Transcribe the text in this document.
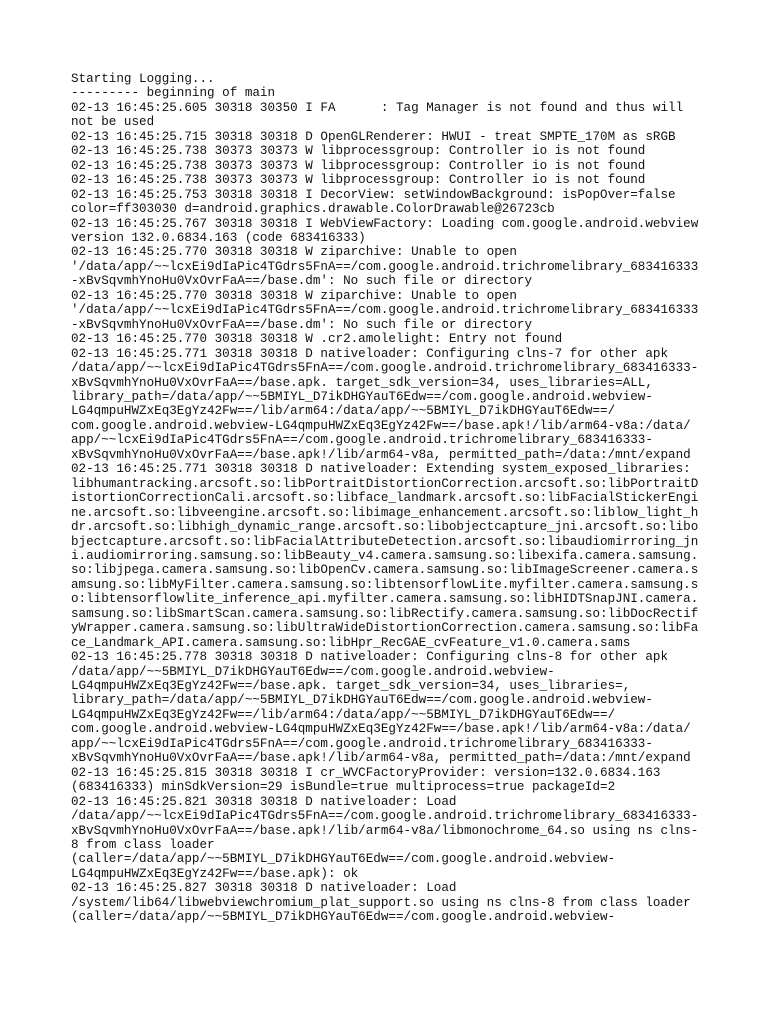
Starting Logging...
--------- beginning of main
02-13 16:45:25.605 30318 30350 I FA      : Tag Manager is not found and thus will
not be used
02-13 16:45:25.715 30318 30318 D OpenGLRenderer: HWUI - treat SMPTE_170M as sRGB
02-13 16:45:25.738 30373 30373 W libprocessgroup: Controller io is not found
02-13 16:45:25.738 30373 30373 W libprocessgroup: Controller io is not found
02-13 16:45:25.738 30373 30373 W libprocessgroup: Controller io is not found
02-13 16:45:25.753 30318 30318 I DecorView: setWindowBackground: isPopOver=false
color=ff303030 d=android.graphics.drawable.ColorDrawable@26723cb
02-13 16:45:25.767 30318 30318 I WebViewFactory: Loading com.google.android.webview
version 132.0.6834.163 (code 683416333)
02-13 16:45:25.770 30318 30318 W ziparchive: Unable to open
'/data/app/~~lcxEi9dIaPic4TGdrs5FnA==/com.google.android.trichromelibrary_683416333
-xBvSqvmhYnoHu0VxOvrFaA==/base.dm': No such file or directory
02-13 16:45:25.770 30318 30318 W ziparchive: Unable to open
'/data/app/~~lcxEi9dIaPic4TGdrs5FnA==/com.google.android.trichromelibrary_683416333
-xBvSqvmhYnoHu0VxOvrFaA==/base.dm': No such file or directory
02-13 16:45:25.770 30318 30318 W .cr2.amolelight: Entry not found
02-13 16:45:25.771 30318 30318 D nativeloader: Configuring clns-7 for other apk
/data/app/~~lcxEi9dIaPic4TGdrs5FnA==/com.google.android.trichromelibrary_683416333-
xBvSqvmhYnoHu0VxOvrFaA==/base.apk. target_sdk_version=34, uses_libraries=ALL,
library_path=/data/app/~~5BMIYL_D7ikDHGYauT6Edw==/com.google.android.webview-
LG4qmpuHWZxEq3EgYz42Fw==/lib/arm64:/data/app/~~5BMIYL_D7ikDHGYauT6Edw==/
com.google.android.webview-LG4qmpuHWZxEq3EgYz42Fw==/base.apk!/lib/arm64-v8a:/data/
app/~~lcxEi9dIaPic4TGdrs5FnA==/com.google.android.trichromelibrary_683416333-
xBvSqvmhYnoHu0VxOvrFaA==/base.apk!/lib/arm64-v8a, permitted_path=/data:/mnt/expand
02-13 16:45:25.771 30318 30318 D nativeloader: Extending system_exposed_libraries:
libhumantracking.arcsoft.so:libPortraitDistortionCorrection.arcsoft.so:libPortraitD
istortionCorrectionCali.arcsoft.so:libface_landmark.arcsoft.so:libFacialStickerEngi
ne.arcsoft.so:libveengine.arcsoft.so:libimage_enhancement.arcsoft.so:liblow_light_h
dr.arcsoft.so:libhigh_dynamic_range.arcsoft.so:libobjectcapture_jni.arcsoft.so:libo
bjectcapture.arcsoft.so:libFacialAttributeDetection.arcsoft.so:libaudiomirroring_jn
i.audiomirroring.samsung.so:libBeauty_v4.camera.samsung.so:libexifa.camera.samsung.
so:libjpega.camera.samsung.so:libOpenCv.camera.samsung.so:libImageScreener.camera.s
amsung.so:libMyFilter.camera.samsung.so:libtensorflowLite.myfilter.camera.samsung.s
o:libtensorflowlite_inference_api.myfilter.camera.samsung.so:libHIDTSnapJNI.camera.
samsung.so:libSmartScan.camera.samsung.so:libRectify.camera.samsung.so:libDocRectif
yWrapper.camera.samsung.so:libUltraWideDistortionCorrection.camera.samsung.so:libFa
ce_Landmark_API.camera.samsung.so:libHpr_RecGAE_cvFeature_v1.0.camera.sams
02-13 16:45:25.778 30318 30318 D nativeloader: Configuring clns-8 for other apk
/data/app/~~5BMIYL_D7ikDHGYauT6Edw==/com.google.android.webview-
LG4qmpuHWZxEq3EgYz42Fw==/base.apk. target_sdk_version=34, uses_libraries=,
library_path=/data/app/~~5BMIYL_D7ikDHGYauT6Edw==/com.google.android.webview-
LG4qmpuHWZxEq3EgYz42Fw==/lib/arm64:/data/app/~~5BMIYL_D7ikDHGYauT6Edw==/
com.google.android.webview-LG4qmpuHWZxEq3EgYz42Fw==/base.apk!/lib/arm64-v8a:/data/
app/~~lcxEi9dIaPic4TGdrs5FnA==/com.google.android.trichromelibrary_683416333-
xBvSqvmhYnoHu0VxOvrFaA==/base.apk!/lib/arm64-v8a, permitted_path=/data:/mnt/expand
02-13 16:45:25.815 30318 30318 I cr_WVCFactoryProvider: version=132.0.6834.163
(683416333) minSdkVersion=29 isBundle=true multiprocess=true packageId=2
02-13 16:45:25.821 30318 30318 D nativeloader: Load
/data/app/~~lcxEi9dIaPic4TGdrs5FnA==/com.google.android.trichromelibrary_683416333-
xBvSqvmhYnoHu0VxOvrFaA==/base.apk!/lib/arm64-v8a/libmonochrome_64.so using ns clns-
8 from class loader
(caller=/data/app/~~5BMIYL_D7ikDHGYauT6Edw==/com.google.android.webview-
LG4qmpuHWZxEq3EgYz42Fw==/base.apk): ok
02-13 16:45:25.827 30318 30318 D nativeloader: Load
/system/lib64/libwebviewchromium_plat_support.so using ns clns-8 from class loader
(caller=/data/app/~~5BMIYL_D7ikDHGYauT6Edw==/com.google.android.webview-
